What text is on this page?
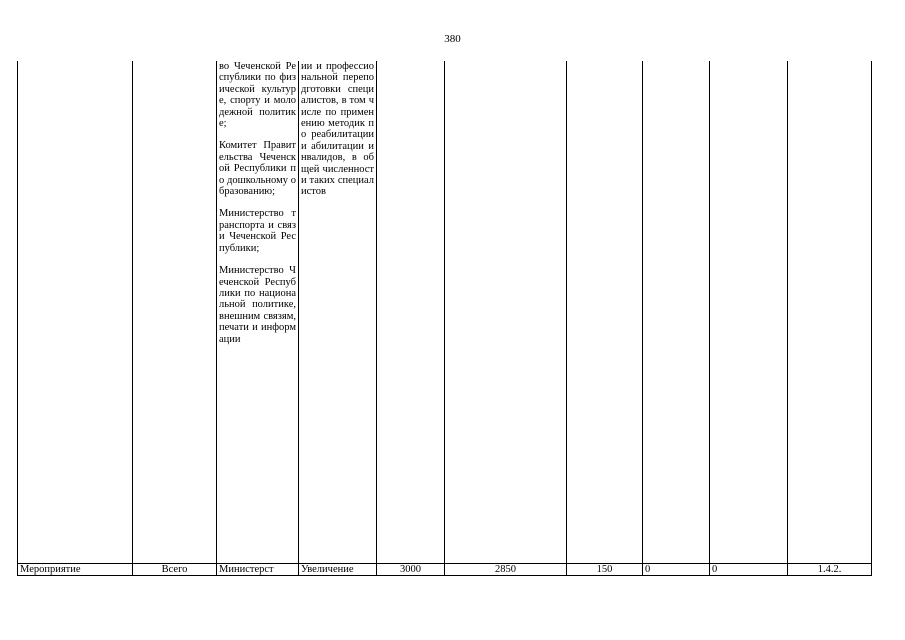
380

		во Чеченской Республики по физической культуре, спорту и молодежной политике;
Комитет Правительства Чеченской Республики по дошкольному образованию;
Министерство транспорта и связи Чеченской Республики;
Министерство Чеченской Республики по национальной политике, внешним связям, печати и информации	ии и профессиональной переподготовки специалистов, в том числе по применению методик по реабилитации и абилитации инвалидов, в общей численности таких специалистов						

Мероприятие	Всего	Министерст	Увеличение	3000	2850	150	0	0	1.4.2.
